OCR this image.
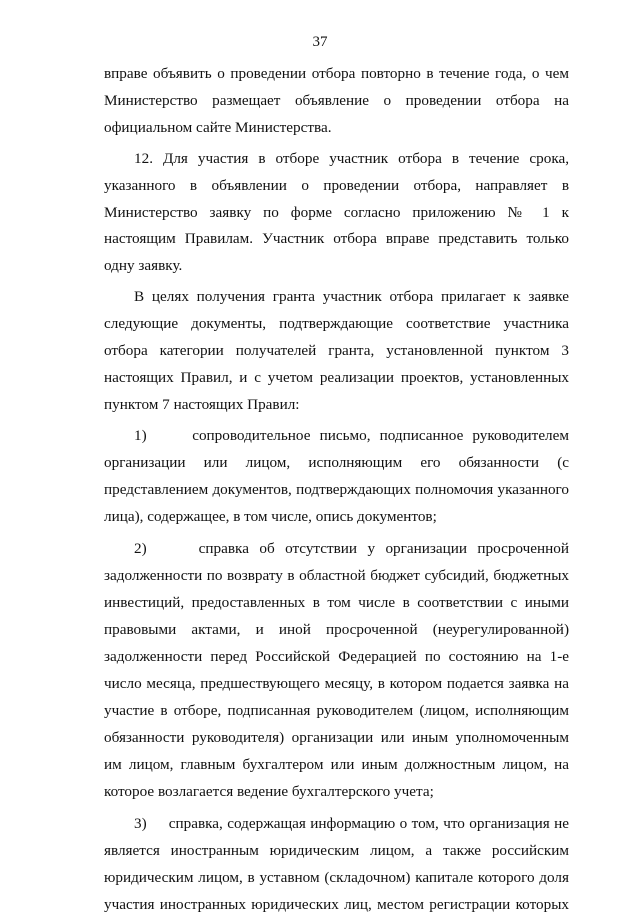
37

вправе объявить о проведении отбора повторно в течение года, о чем Министерство размещает объявление о проведении отбора на официальном сайте Министерства.

12. Для участия в отборе участник отбора в течение срока, указанного в объявлении о проведении отбора, направляет в Министерство заявку по форме согласно приложению № 1 к настоящим Правилам. Участник отбора вправе представить только одну заявку.

В целях получения гранта участник отбора прилагает к заявке следующие документы, подтверждающие соответствие участника отбора категории получателей гранта, установленной пунктом 3 настоящих Правил, и с учетом реализации проектов, установленных пунктом 7 настоящих Правил:

1)     сопроводительное письмо, подписанное руководителем организации или лицом, исполняющим его обязанности (с представлением документов, подтверждающих полномочия указанного лица), содержащее, в том числе, опись документов;

2)     справка об отсутствии у организации просроченной задолженности по возврату в областной бюджет субсидий, бюджетных инвестиций, предоставленных в том числе в соответствии с иными правовыми актами, и иной просроченной (неурегулированной) задолженности перед Российской Федерацией по состоянию на 1-е число месяца, предшествующего месяцу, в котором подается заявка на участие в отборе, подписанная руководителем (лицом, исполняющим обязанности руководителя) организации или иным уполномоченным им лицом, главным бухгалтером или иным должностным лицом, на которое возлагается ведение бухгалтерского учета;

3)     справка, содержащая информацию о том, что организация не является иностранным юридическим лицом, а также российским юридическим лицом, в уставном (складочном) капитале которого доля участия иностранных юридических лиц, местом регистрации которых
